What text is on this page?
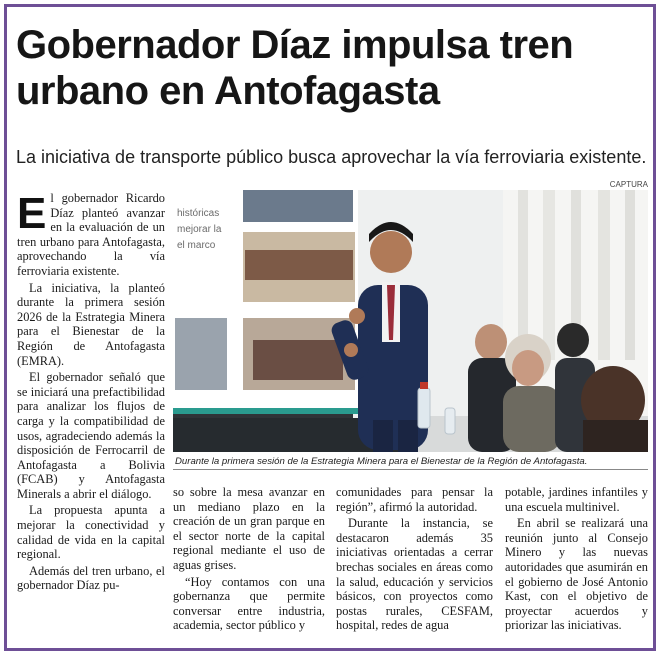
Gobernador Díaz impulsa tren urbano en Antofagasta

La iniciativa de transporte público busca aprovechar la vía ferroviaria existente.

CAPTURA

El gobernador Ricardo Díaz planteó avanzar en la evaluación de un tren urbano para Antofagasta, aprovechando la vía ferroviaria existente.

La iniciativa, la planteó durante la primera sesión 2026 de la Estrategia Minera para el Bienestar de la Región de Antofagasta (EMRA).

El gobernador señaló que se iniciará una prefactibilidad para analizar los flujos de carga y la compatibilidad de usos, agradeciendo además la disposición de Ferrocarril de Antofagasta a Bolivia (FCAB) y Antofagasta Minerals a abrir el diálogo.

La propuesta apunta a mejorar la conectividad y calidad de vida en la capital regional.

Además del tren urbano, el gobernador Díaz pu-

históricas
mejorar la
el marco
Durante la primera sesión de la Estrategia Minera para el Bienestar de la Región de Antofagasta.

so sobre la mesa avanzar en un mediano plazo en la creación de un gran parque en el sector norte de la capital regional mediante el uso de aguas grises.

“Hoy contamos con una gobernanza que permite conversar entre industria, academia, sector público y

comunidades para pensar la región”, afirmó la autoridad.

Durante la instancia, se destacaron además 35 iniciativas orientadas a cerrar brechas sociales en áreas como la salud, educación y servicios básicos, con proyectos como postas rurales, CESFAM, hospital, redes de agua

potable, jardines infantiles y una escuela multinivel.

En abril se realizará una reunión junto al Consejo Minero y las nuevas autoridades que asumirán en el gobierno de José Antonio Kast, con el objetivo de proyectar acuerdos y priorizar las iniciativas.
